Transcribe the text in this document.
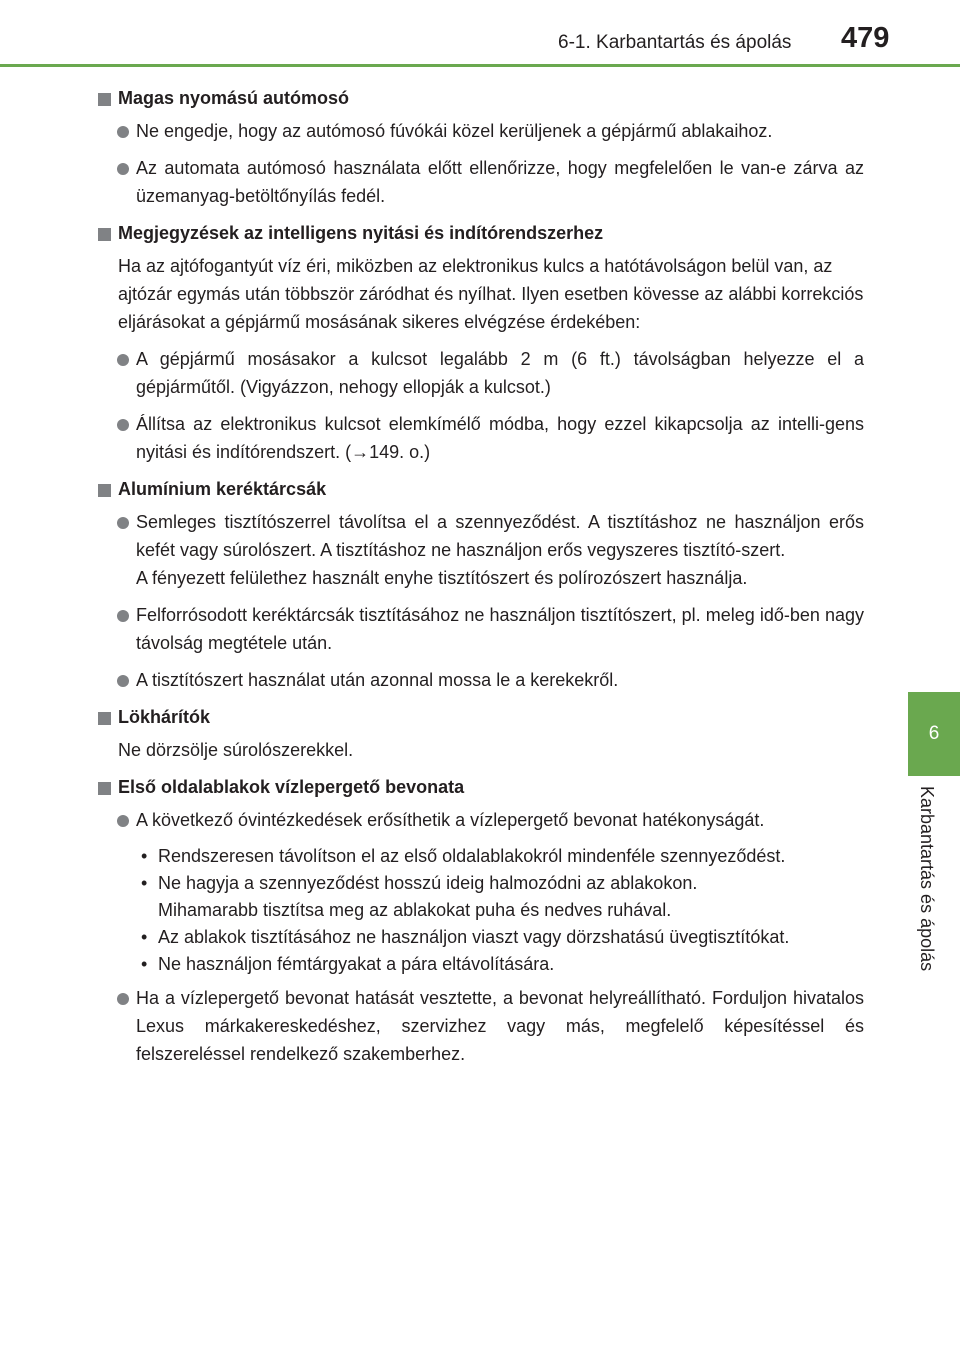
6-1. Karbantartás és ápolás 479
6
Karbantartás és ápolás
Magas nyomású autómosó
Ne engedje, hogy az autómosó fúvókái közel kerüljenek a gépjármű ablakaihoz.
Az automata autómosó használata előtt ellenőrizze, hogy megfelelően le van-e zárva az üzemanyag-betöltőnyílás fedél.
Megjegyzések az intelligens nyitási és indítórendszerhez
Ha az ajtófogantyút víz éri, miközben az elektronikus kulcs a hatótávolságon belül van, az ajtózár egymás után többször záródhat és nyílhat. Ilyen esetben kövesse az alábbi korrekciós eljárásokat a gépjármű mosásának sikeres elvégzése érdekében:
A gépjármű mosásakor a kulcsot legalább 2 m (6 ft.) távolságban helyezze el a gépjárműtől. (Vigyázzon, nehogy ellopják a kulcsot.)
Állítsa az elektronikus kulcsot elemkímélő módba, hogy ezzel kikapcsolja az intelli-gens nyitási és indítórendszert. (→149. o.)
Alumínium keréktárcsák
Semleges tisztítószerrel távolítsa el a szennyeződést. A tisztításhoz ne használjon erős kefét vagy súrolószert. A tisztításhoz ne használjon erős vegyszeres tisztító-szert.
A fényezett felülethez használt enyhe tisztítószert és polírozószert használja.
Felforrósodott keréktárcsák tisztításához ne használjon tisztítószert, pl. meleg idő-ben nagy távolság megtétele után.
A tisztítószert használat után azonnal mossa le a kerekekről.
Lökhárítók
Ne dörzsölje súrolószerekkel.
Első oldalablakok vízlepergető bevonata
A következő óvintézkedések erősíthetik a vízlepergető bevonat hatékonyságát.
• Rendszeresen távolítson el az első oldalablakokról mindenféle szennyeződést.
• Ne hagyja a szennyeződést hosszú ideig halmozódni az ablakokon.
Mihamarabb tisztítsa meg az ablakokat puha és nedves ruhával.
• Az ablakok tisztításához ne használjon viaszt vagy dörzshatású üvegtisztítókat.
• Ne használjon fémtárgyakat a pára eltávolítására.
Ha a vízlepergető bevonat hatását vesztette, a bevonat helyreállítható. Forduljon hivatalos Lexus márkakereskedéshez, szervizhez vagy más, megfelelő képesítéssel és felszereléssel rendelkező szakemberhez.
